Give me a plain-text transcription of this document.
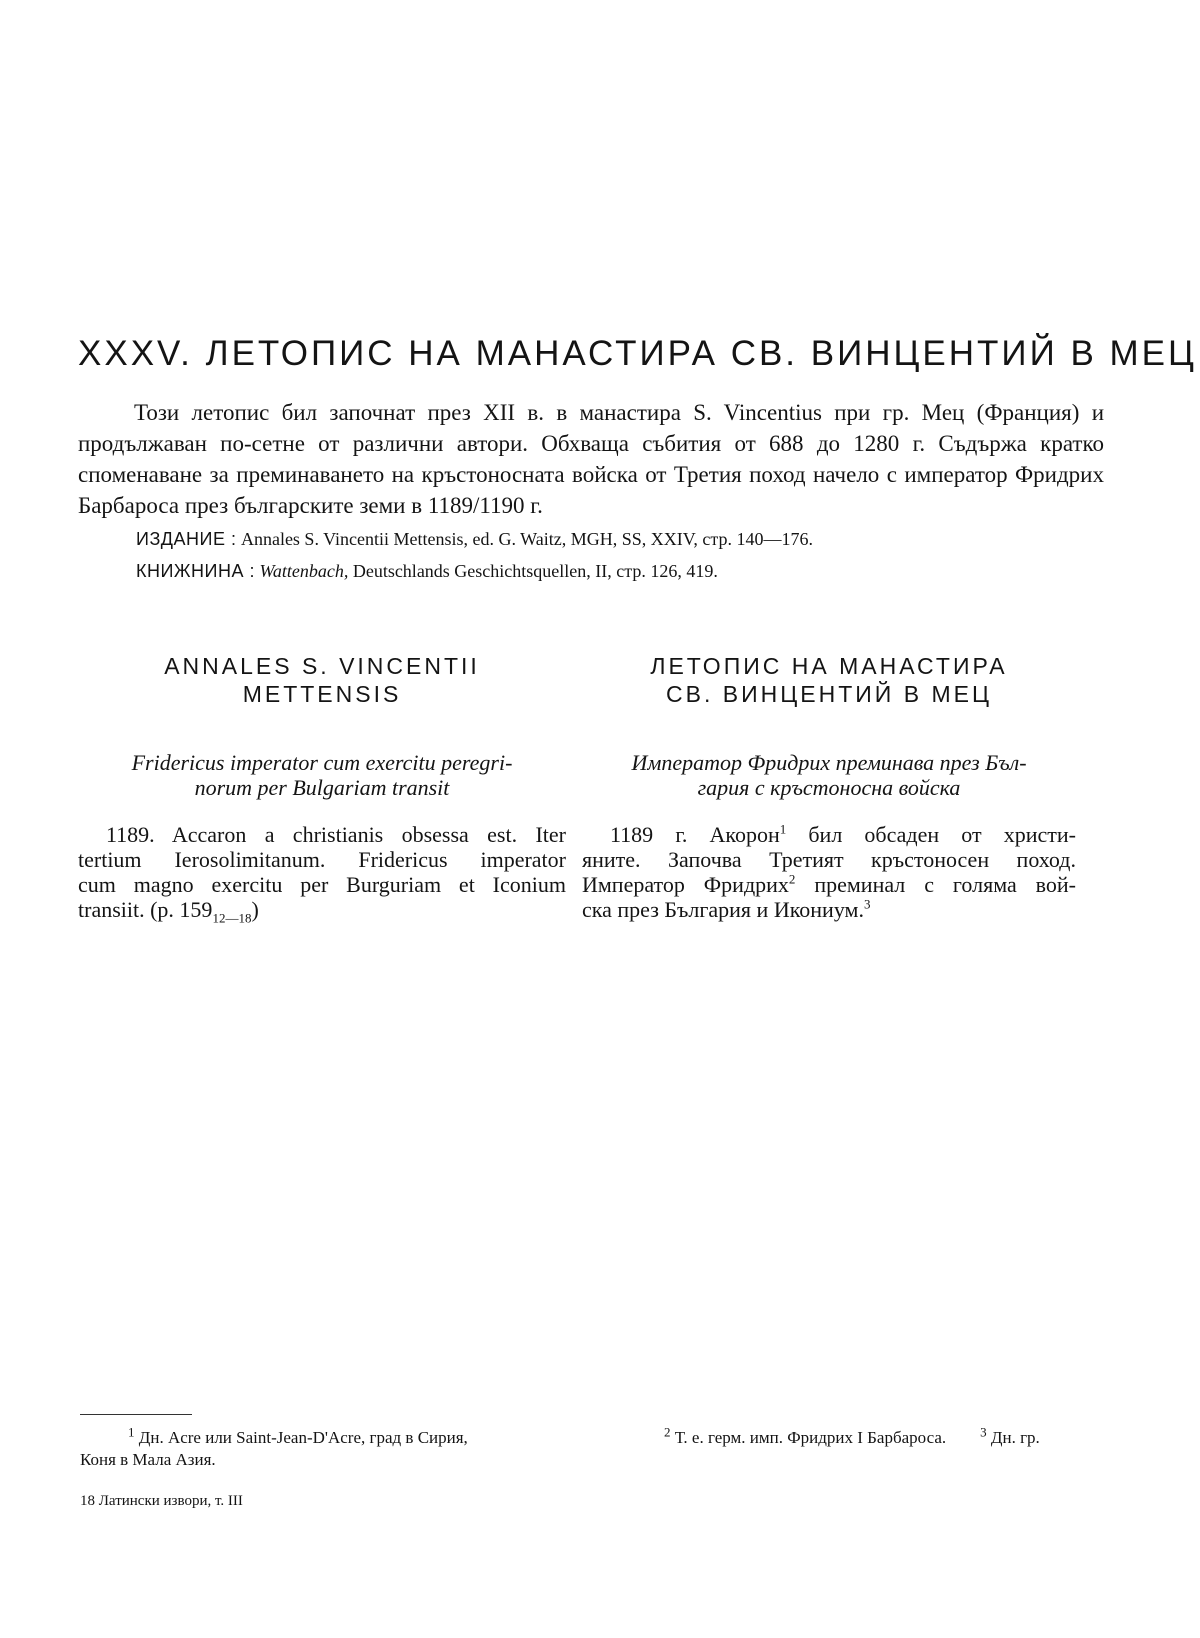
XXXV. ЛЕТОПИС НА МАНАСТИРА СВ. ВИНЦЕНТИЙ В МЕЦ

Този летопис бил започнат през XII в. в манастира S. Vincentius при гр. Мец (Франция) и продължаван по-сетне от различни автори. Обхваща събития от 688 до 1280 г. Съдържа кратко споменаване за преминаването на кръстоносната войска от Третия поход начело с император Фридрих Барбароса през българските земи в 1189/1190 г.

ИЗДАНИЕ : Annales S. Vincentii Mettensis, ed. G. Waitz, MGH, SS, XXIV, стр. 140—176.

КНИЖНИНА : Wattenbach, Deutschlands Geschichtsquellen, II, стр. 126, 419.

ANNALES S. VINCENTII
METTENSIS

Fridericus imperator cum exercitu peregri-
norum per Bulgariam transit

1189. Accaron a christianis obsessa est. Iter
tertium Ierosolimitanum. Fridericus imperator
cum magno exercitu per Burguriam et Iconium
transiit. (p. $159_{12—18}$)

ЛЕТОПИС НА МАНАСТИРА
СВ. ВИНЦЕНТИЙ В МЕЦ

Император Фридрих преминава през Бъл-
гария с кръстоносна войска

1189 г. Акорон$^1$ бил обсаден от христи-
яните. Започва Третият кръстоносен поход.
Император Фридрих$^2$ преминал с голяма вой-
ска през България и Икониум.$^3$

$^1$ Дн. Acre или Saint-Jean-D'Acre, град в Сирия,	$^2$ Т. е. герм. имп. Фридрих I Барбароса.	$^3$ Дн. гр.
Коня в Мала Азия.

18 Латински извори, т. III
